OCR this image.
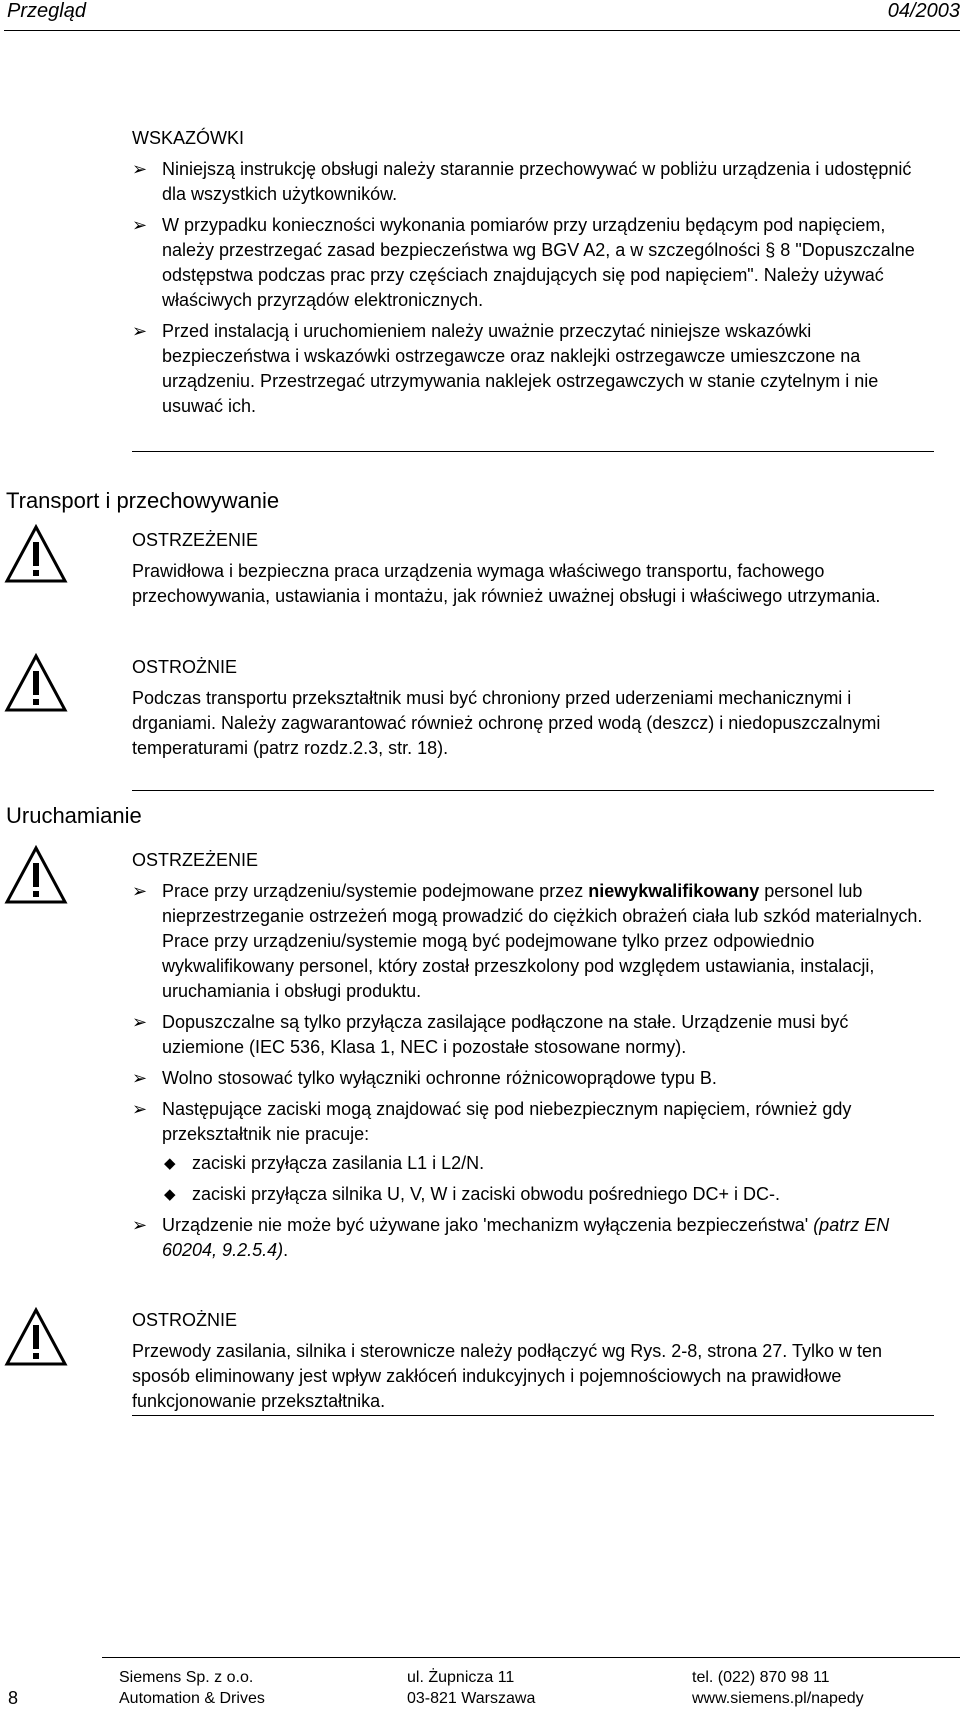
Przegląd	04/2003
WSKAZÓWKI
➢ Niniejszą instrukcję obsługi należy starannie przechowywać w pobliżu urządzenia i udostępnić dla wszystkich użytkowników.
➢ W przypadku konieczności wykonania pomiarów przy urządzeniu będącym pod napięciem, należy przestrzegać zasad bezpieczeństwa wg BGV A2, a w szczególności § 8 "Dopuszczalne odstępstwa podczas prac przy częściach znajdujących się pod napięciem". Należy używać właściwych przyrządów elektronicznych.
➢ Przed instalacją i uruchomieniem należy uważnie przeczytać niniejsze wskazówki bezpieczeństwa i wskazówki ostrzegawcze oraz naklejki ostrzegawcze umieszczone na urządzeniu. Przestrzegać utrzymywania naklejek ostrzegawczych w stanie czytelnym i nie usuwać ich.
Transport i przechowywanie
OSTRZEŻENIE

Prawidłowa i bezpieczna praca urządzenia wymaga właściwego transportu, fachowego przechowywania, ustawiania i montażu, jak również uważnej obsługi i właściwego utrzymania.

OSTROŻNIE

Podczas transportu przekształtnik musi być chroniony przed uderzeniami mechanicznymi i drganiami. Należy zagwarantować również ochronę przed wodą (deszcz) i niedopuszczalnymi temperaturami (patrz rozdz.2.3, str. 18).

Uruchamianie
OSTRZEŻENIE
➢ Prace przy urządzeniu/systemie podejmowane przez niewykwalifikowany personel lub nieprzestrzeganie ostrzeżeń mogą prowadzić do ciężkich obrażeń ciała lub szkód materialnych. Prace przy urządzeniu/systemie mogą być podejmowane tylko przez odpowiednio wykwalifikowany personel, który został przeszkolony pod względem ustawiania, instalacji, uruchamiania i obsługi produktu.
➢ Dopuszczalne są tylko przyłącza zasilające podłączone na stałe. Urządzenie musi być uziemione (IEC 536, Klasa 1, NEC i pozostałe stosowane normy).
➢ Wolno stosować tylko wyłączniki ochronne różnicowoprądowe typu B.
➢ Następujące zaciski mogą znajdować się pod niebezpiecznym napięciem, również gdy przekształtnik nie pracuje:
◆ zaciski przyłącza zasilania L1 i L2/N.
◆ zaciski przyłącza silnika U, V, W i zaciski obwodu pośredniego DC+ i DC-.
➢ Urządzenie nie może być używane jako 'mechanizm wyłączenia bezpieczeństwa' (patrz EN 60204, 9.2.5.4).
OSTROŻNIE

Przewody zasilania, silnika i sterownicze należy podłączyć wg Rys. 2-8, strona 27. Tylko w ten sposób eliminowany jest wpływ zakłóceń indukcyjnych i pojemnościowych na prawidłowe funkcjonowanie przekształtnika.

8
Siemens Sp. z o.o.
Automation & Drives
ul. Żupnicza 11
03-821 Warszawa
tel. (022) 870 98 11
www.siemens.pl/napedy
